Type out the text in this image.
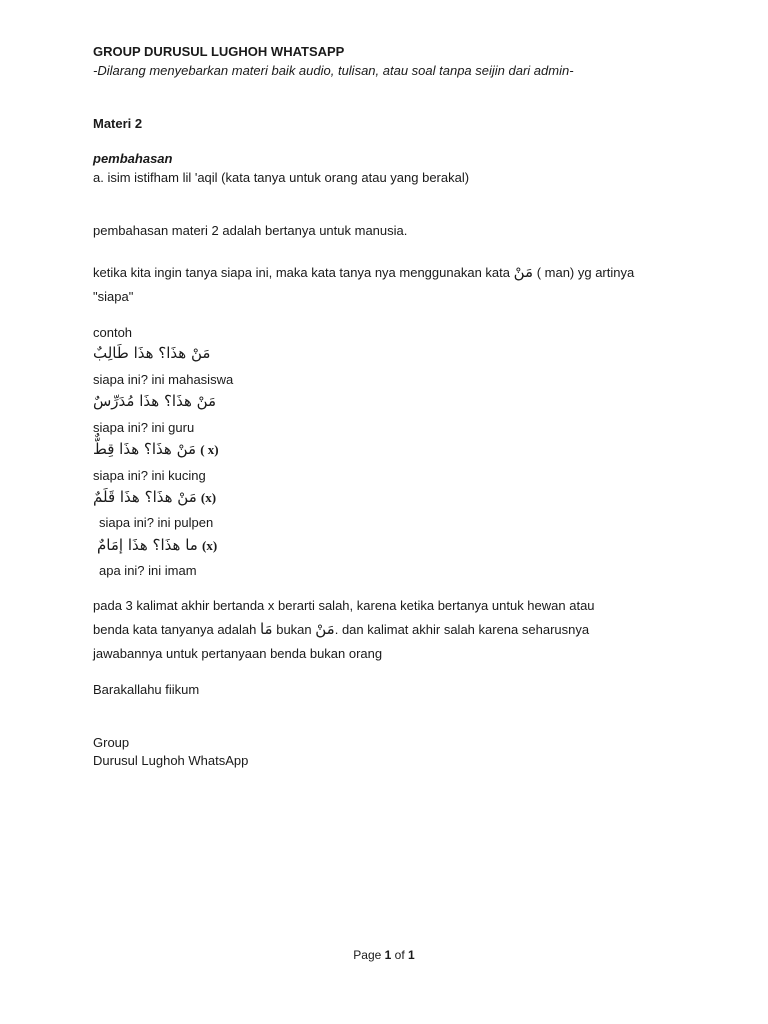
GROUP DURUSUL LUGHOH WHATSAPP
-Dilarang menyebarkan materi baik audio, tulisan, atau soal tanpa seijin dari admin-
Materi 2
pembahasan
a. isim istifham lil 'aqil (kata tanya untuk orang atau yang berakal)
pembahasan materi 2 adalah bertanya untuk manusia.
ketika kita ingin tanya siapa ini, maka kata tanya nya menggunakan kata مَنْ ( man) yg artinya
"siapa"
contoh
مَنْ هذَا؟ هذَا طَالِبٌ
siapa ini? ini mahasiswa
مَنْ هذَا؟ هذَا مُدَرِّسٌ
siapa ini? ini guru
مَنْ هذَا؟ هذَا قِطٌّ ( x)
siapa ini? ini kucing
مَنْ هذَا؟ هذَا قَلَمٌ (x)
siapa ini? ini pulpen
ما هذَا؟ هذَا إمَامٌ (x)
apa ini? ini imam
pada 3 kalimat akhir bertanda x berarti salah, karena ketika bertanya untuk hewan atau
benda kata tanyanya adalah مَا bukan مَنْ. dan kalimat akhir salah karena seharusnya
jawabannya untuk pertanyaan benda bukan orang
Barakallahu fiikum
Group
Durusul Lughoh WhatsApp
Page 1 of 1
